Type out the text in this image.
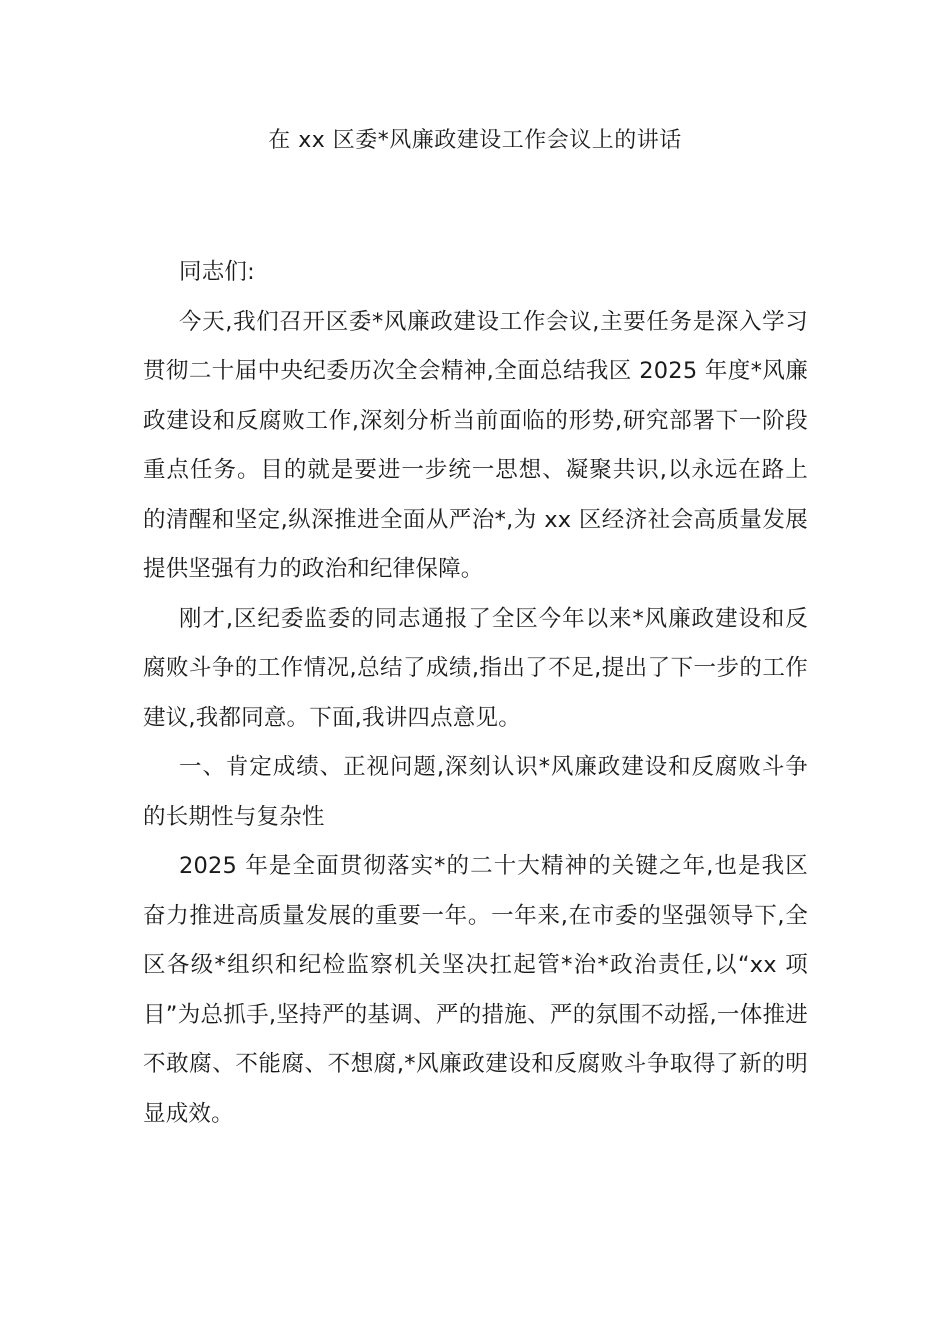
在 xx 区委*风廉政建设工作会议上的讲话

同志们:

今天,我们召开区委*风廉政建设工作会议,主要任务是深入学习贯彻二十届中央纪委历次全会精神,全面总结我区 2025 年度*风廉政建设和反腐败工作,深刻分析当前面临的形势,研究部署下一阶段重点任务。目的就是要进一步统一思想、凝聚共识,以永远在路上的清醒和坚定,纵深推进全面从严治*,为 xx 区经济社会高质量发展提供坚强有力的政治和纪律保障。

刚才,区纪委监委的同志通报了全区今年以来*风廉政建设和反腐败斗争的工作情况,总结了成绩,指出了不足,提出了下一步的工作建议,我都同意。下面,我讲四点意见。

一、肯定成绩、正视问题,深刻认识*风廉政建设和反腐败斗争的长期性与复杂性

2025 年是全面贯彻落实*的二十大精神的关键之年,也是我区奋力推进高质量发展的重要一年。一年来,在市委的坚强领导下,全区各级*组织和纪检监察机关坚决扛起管*治*政治责任,以“xx 项目”为总抓手,坚持严的基调、严的措施、严的氛围不动摇,一体推进不敢腐、不能腐、不想腐,*风廉政建设和反腐败斗争取得了新的明显成效。
